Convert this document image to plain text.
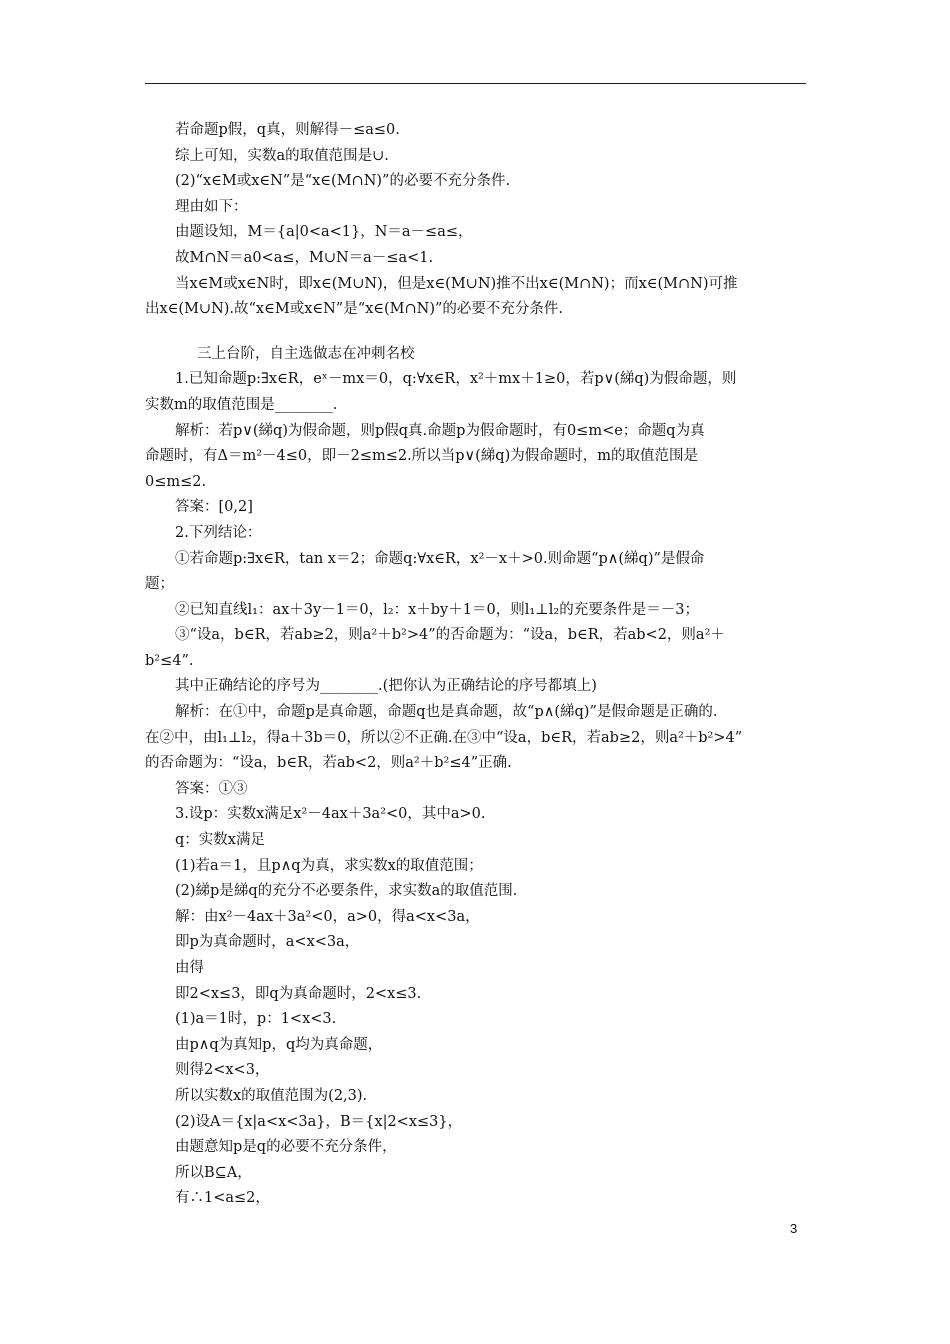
若命题p假，q真，则解得－≤a≤0.
综上可知，实数a的取值范围是∪.
(2)“x∈M或x∈N”是“x∈(M∩N)”的必要不充分条件.
理由如下：
由题设知，M＝{a|0<a<1}，N＝a－≤a≤，
故M∩N＝a0<a≤，M∪N＝a－≤a<1.
当x∈M或x∈N时，即x∈(M∪N)，但是x∈(M∪N)推不出x∈(M∩N)；而x∈(M∩N)可推
出x∈(M∪N).故“x∈M或x∈N”是“x∈(M∩N)”的必要不充分条件.
三上台阶，自主选做志在冲刺名校
1.已知命题p:∃x∈R，eˣ－mx＝0，q:∀x∈R，x²＋mx＋1≥0，若p∨(綈q)为假命题，则
实数m的取值范围是________.
解析：若p∨(綈q)为假命题，则p假q真.命题p为假命题时，有0≤m<e；命题q为真
命题时，有Δ＝m²－4≤0，即－2≤m≤2.所以当p∨(綈q)为假命题时，m的取值范围是
0≤m≤2.
答案：[0,2]
2.下列结论：
①若命题p:∃x∈R，tan x＝2；命题q:∀x∈R，x²－x＋>0.则命题“p∧(綈q)”是假命
题；
②已知直线l₁：ax＋3y－1＝0，l₂：x＋by＋1＝0，则l₁⊥l₂的充要条件是＝－3；
③“设a，b∈R，若ab≥2，则a²＋b²>4”的否命题为：“设a，b∈R，若ab<2，则a²＋
b²≤4”.
其中正确结论的序号为________.(把你认为正确结论的序号都填上)
解析：在①中，命题p是真命题，命题q也是真命题，故“p∧(綈q)”是假命题是正确的.
在②中，由l₁⊥l₂，得a＋3b＝0，所以②不正确.在③中“设a，b∈R，若ab≥2，则a²＋b²>4”
的否命题为：“设a，b∈R，若ab<2，则a²＋b²≤4”正确.
答案：①③
3.设p：实数x满足x²－4ax＋3a²<0，其中a>0.
q：实数x满足
(1)若a＝1，且p∧q为真，求实数x的取值范围；
(2)綈p是綈q的充分不必要条件，求实数a的取值范围.
解：由x²－4ax＋3a²<0，a>0，得a<x<3a，
即p为真命题时，a<x<3a，
由得
即2<x≤3，即q为真命题时，2<x≤3.
(1)a＝1时，p：1<x<3.
由p∧q为真知p，q均为真命题，
则得2<x<3，
所以实数x的取值范围为(2,3).
(2)设A＝{x|a<x<3a}，B＝{x|2<x≤3}，
由题意知p是q的必要不充分条件，
所以B⊆A，
有∴1<a≤2，
3
